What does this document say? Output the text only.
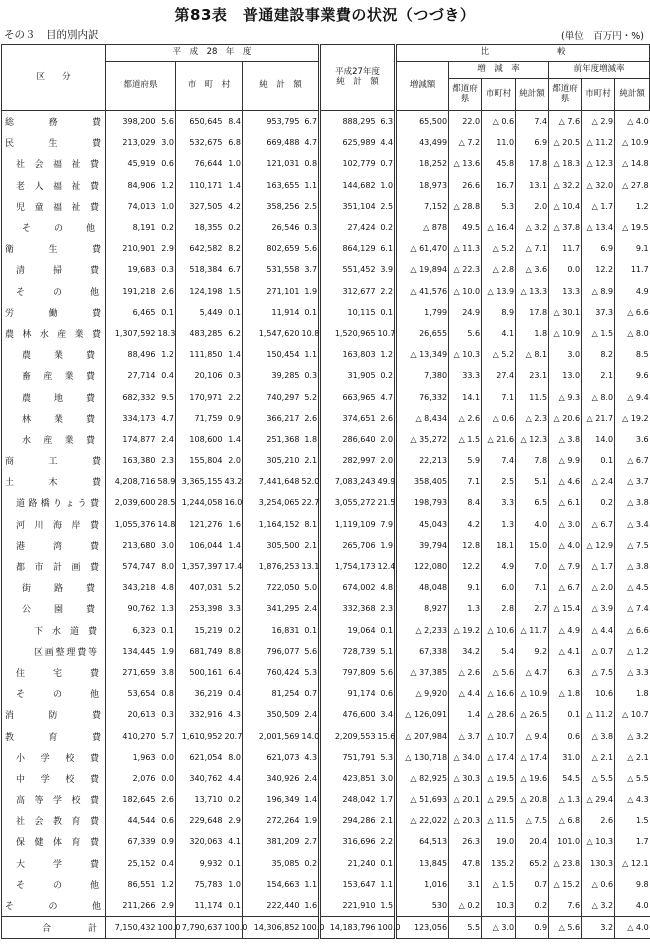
第83表　普通建設事業費の状況（つづき）
その３　目的別内訳	(単位　百万円・%)
区　　分	平　成　28　年　度						平成27年度
純　計　額		比　　　　　　　　較						
	都道府県		市　町　村		純　計　額				増減額	増　減　率			前年度増減率		
										都道府県	市町村	純計額	都道府県	市町村	純計額
総務費	398,200	5.6	650,645	8.4	953,795	6.7	888,295	6.3	65,500	22.0	△ 0.6	7.4	△ 7.6	△ 2.9	△ 4.0
民生費	213,029	3.0	532,675	6.8	669,488	4.7	625,989	4.4	43,499	△ 7.2	11.0	6.9	△ 20.5	△ 11.2	△ 10.9
社会福祉費	45,919	0.6	76,644	1.0	121,031	0.8	102,779	0.7	18,252	△ 13.6	45.8	17.8	△ 18.3	△ 12.3	△ 14.8
老人福祉費	84,906	1.2	110,171	1.4	163,655	1.1	144,682	1.0	18,973	26.6	16.7	13.1	△ 32.2	△ 32.0	△ 27.8
児童福祉費	74,013	1.0	327,505	4.2	358,256	2.5	351,104	2.5	7,152	△ 28.8	5.3	2.0	△ 10.4	△ 1.7	1.2
その他	8,191	0.2	18,355	0.2	26,546	0.3	27,424	0.2	△ 878	49.5	△ 16.4	△ 3.2	△ 37.8	△ 13.4	△ 19.5
衛生費	210,901	2.9	642,582	8.2	802,659	5.6	864,129	6.1	△ 61,470	△ 11.3	△ 5.2	△ 7.1	11.7	6.9	9.1
清掃費	19,683	0.3	518,384	6.7	531,558	3.7	551,452	3.9	△ 19,894	△ 22.3	△ 2.8	△ 3.6	0.0	12.2	11.7
その他	191,218	2.6	124,198	1.5	271,101	1.9	312,677	2.2	△ 41,576	△ 10.0	△ 13.9	△ 13.3	13.3	△ 8.9	4.9
労働費	6,465	0.1	5,449	0.1	11,914	0.1	10,115	0.1	1,799	24.9	8.9	17.8	△ 30.1	37.3	△ 6.6
農林水産業費	1,307,592	18.3	483,285	6.2	1,547,620	10.8	1,520,965	10.7	26,655	5.6	4.1	1.8	△ 10.9	△ 1.5	△ 8.0
農業費	88,496	1.2	111,850	1.4	150,454	1.1	163,803	1.2	△ 13,349	△ 10.3	△ 5.2	△ 8.1	3.0	8.2	8.5
畜産業費	27,714	0.4	20,106	0.3	39,285	0.3	31,905	0.2	7,380	33.3	27.4	23.1	13.0	2.1	9.6
農地費	682,332	9.5	170,971	2.2	740,297	5.2	663,965	4.7	76,332	14.1	7.1	11.5	△ 9.3	△ 8.0	△ 9.4
林業費	334,173	4.7	71,759	0.9	366,217	2.6	374,651	2.6	△ 8,434	△ 2.6	△ 0.6	△ 2.3	△ 20.6	△ 21.7	△ 19.2
水産業費	174,877	2.4	108,600	1.4	251,368	1.8	286,640	2.0	△ 35,272	△ 1.5	△ 21.6	△ 12.3	△ 3.8	14.0	3.6
商工費	163,380	2.3	155,804	2.0	305,210	2.1	282,997	2.0	22,213	5.9	7.4	7.8	△ 9.9	0.1	△ 6.7
土木費	4,208,716	58.9	3,365,155	43.2	7,441,648	52.0	7,083,243	49.9	358,405	7.1	2.5	5.1	△ 4.6	△ 2.4	△ 3.7
道路橋りょう費	2,039,600	28.5	1,244,058	16.0	3,254,065	22.7	3,055,272	21.5	198,793	8.4	3.3	6.5	△ 6.1	0.2	△ 3.8
河川海岸費	1,055,376	14.8	121,276	1.6	1,164,152	8.1	1,119,109	7.9	45,043	4.2	1.3	4.0	△ 3.0	△ 6.7	△ 3.4
港湾費	213,680	3.0	106,044	1.4	305,500	2.1	265,706	1.9	39,794	12.8	18.1	15.0	△ 4.0	△ 12.9	△ 7.5
都市計画費	574,747	8.0	1,357,397	17.4	1,876,253	13.1	1,754,173	12.4	122,080	12.2	4.9	7.0	△ 7.9	△ 1.7	△ 3.8
街路費	343,218	4.8	407,031	5.2	722,050	5.0	674,002	4.8	48,048	9.1	6.0	7.1	△ 6.7	△ 2.0	△ 4.5
公園費	90,762	1.3	253,398	3.3	341,295	2.4	332,368	2.3	8,927	1.3	2.8	2.7	△ 15.4	△ 3.9	△ 7.4
下水道費	6,323	0.1	15,219	0.2	16,831	0.1	19,064	0.1	△ 2,233	△ 19.2	△ 10.6	△ 11.7	△ 4.9	△ 4.4	△ 6.6
区画整理費等	134,445	1.9	681,749	8.8	796,077	5.6	728,739	5.1	67,338	34.2	5.4	9.2	△ 4.1	△ 0.7	△ 1.2
住宅費	271,659	3.8	500,161	6.4	760,424	5.3	797,809	5.6	△ 37,385	△ 2.6	△ 5.6	△ 4.7	6.3	△ 7.5	△ 3.3
その他	53,654	0.8	36,219	0.4	81,254	0.7	91,174	0.6	△ 9,920	△ 4.4	△ 16.6	△ 10.9	△ 1.8	10.6	1.8
消防費	20,613	0.3	332,916	4.3	350,509	2.4	476,600	3.4	△ 126,091	1.4	△ 28.6	△ 26.5	0.1	△ 11.2	△ 10.7
教育費	410,270	5.7	1,610,952	20.7	2,001,569	14.0	2,209,553	15.6	△ 207,984	△ 3.7	△ 10.7	△ 9.4	0.6	△ 3.8	△ 3.2
小学校費	1,963	0.0	621,054	8.0	621,073	4.3	751,791	5.3	△ 130,718	△ 34.0	△ 17.4	△ 17.4	31.0	△ 2.1	△ 2.1
中学校費	2,076	0.0	340,762	4.4	340,926	2.4	423,851	3.0	△ 82,925	△ 30.3	△ 19.5	△ 19.6	54.5	△ 5.5	△ 5.5
高等学校費	182,645	2.6	13,710	0.2	196,349	1.4	248,042	1.7	△ 51,693	△ 20.1	△ 29.5	△ 20.8	△ 1.3	△ 29.4	△ 4.3
社会教育費	44,544	0.6	229,648	2.9	272,264	1.9	294,286	2.1	△ 22,022	△ 20.3	△ 11.5	△ 7.5	△ 6.8	2.6	1.5
保健体育費	67,339	0.9	320,063	4.1	381,209	2.7	316,696	2.2	64,513	26.3	19.0	20.4	101.0	△ 10.3	1.7
大学費	25,152	0.4	9,932	0.1	35,085	0.2	21,240	0.1	13,845	47.8	135.2	65.2	△ 23.8	130.3	△ 12.1
その他	86,551	1.2	75,783	1.0	154,663	1.1	153,647	1.1	1,016	3.1	△ 1.5	0.7	△ 15.2	△ 0.6	9.8
その他	211,266	2.9	11,174	0.1	222,440	1.6	221,910	1.5	530	△ 0.2	10.3	0.2	7.6	△ 3.2	4.0
合計	7,150,432	100.0	7,790,637	100.0	14,306,852	100.0	14,183,796	100.0	123,056	5.5	△ 3.0	0.9	△ 5.6	3.2	△ 4.0
